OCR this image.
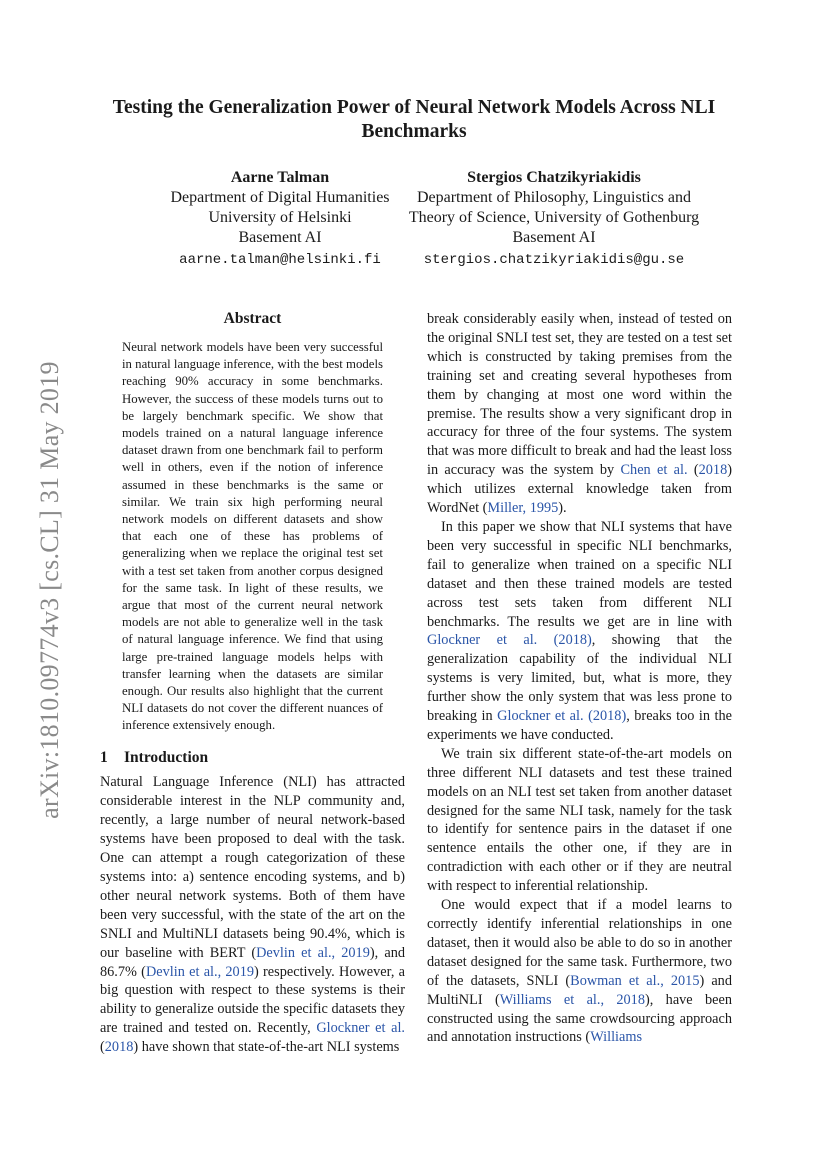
Testing the Generalization Power of Neural Network Models Across NLI Benchmarks
Aarne Talman
Department of Digital Humanities
University of Helsinki
Basement AI
aarne.talman@helsinki.fi
Stergios Chatzikyriakidis
Department of Philosophy, Linguistics and
Theory of Science, University of Gothenburg
Basement AI
stergios.chatzikyriakidis@gu.se
arXiv:1810.09774v3 [cs.CL] 31 May 2019
Abstract
Neural network models have been very successful in natural language inference, with the best models reaching 90% accuracy in some benchmarks. However, the success of these models turns out to be largely benchmark specific. We show that models trained on a natural language inference dataset drawn from one benchmark fail to perform well in others, even if the notion of inference assumed in these benchmarks is the same or similar. We train six high performing neural network models on different datasets and show that each one of these has problems of generalizing when we replace the original test set with a test set taken from another corpus designed for the same task. In light of these results, we argue that most of the current neural network models are not able to generalize well in the task of natural language inference. We find that using large pre-trained language models helps with transfer learning when the datasets are similar enough. Our results also highlight that the current NLI datasets do not cover the different nuances of inference extensively enough.
1 Introduction

Natural Language Inference (NLI) has attracted considerable interest in the NLP community and, recently, a large number of neural network-based systems have been proposed to deal with the task. One can attempt a rough categorization of these systems into: a) sentence encoding systems, and b) other neural network systems. Both of them have been very successful, with the state of the art on the SNLI and MultiNLI datasets being 90.4%, which is our baseline with BERT (Devlin et al., 2019), and 86.7% (Devlin et al., 2019) respectively. However, a big question with respect to these systems is their ability to generalize outside the specific datasets they are trained and tested on. Recently, Glockner et al. (2018) have shown that state-of-the-art NLI systems

break considerably easily when, instead of tested on the original SNLI test set, they are tested on a test set which is constructed by taking premises from the training set and creating several hypotheses from them by changing at most one word within the premise. The results show a very significant drop in accuracy for three of the four systems. The system that was more difficult to break and had the least loss in accuracy was the system by Chen et al. (2018) which utilizes external knowledge taken from WordNet (Miller, 1995).

In this paper we show that NLI systems that have been very successful in specific NLI benchmarks, fail to generalize when trained on a specific NLI dataset and then these trained models are tested across test sets taken from different NLI benchmarks. The results we get are in line with Glockner et al. (2018), showing that the generalization capability of the individual NLI systems is very limited, but, what is more, they further show the only system that was less prone to breaking in Glockner et al. (2018), breaks too in the experiments we have conducted.

We train six different state-of-the-art models on three different NLI datasets and test these trained models on an NLI test set taken from another dataset designed for the same NLI task, namely for the task to identify for sentence pairs in the dataset if one sentence entails the other one, if they are in contradiction with each other or if they are neutral with respect to inferential relationship.

One would expect that if a model learns to correctly identify inferential relationships in one dataset, then it would also be able to do so in another dataset designed for the same task. Furthermore, two of the datasets, SNLI (Bowman et al., 2015) and MultiNLI (Williams et al., 2018), have been constructed using the same crowdsourcing approach and annotation instructions (Williams
